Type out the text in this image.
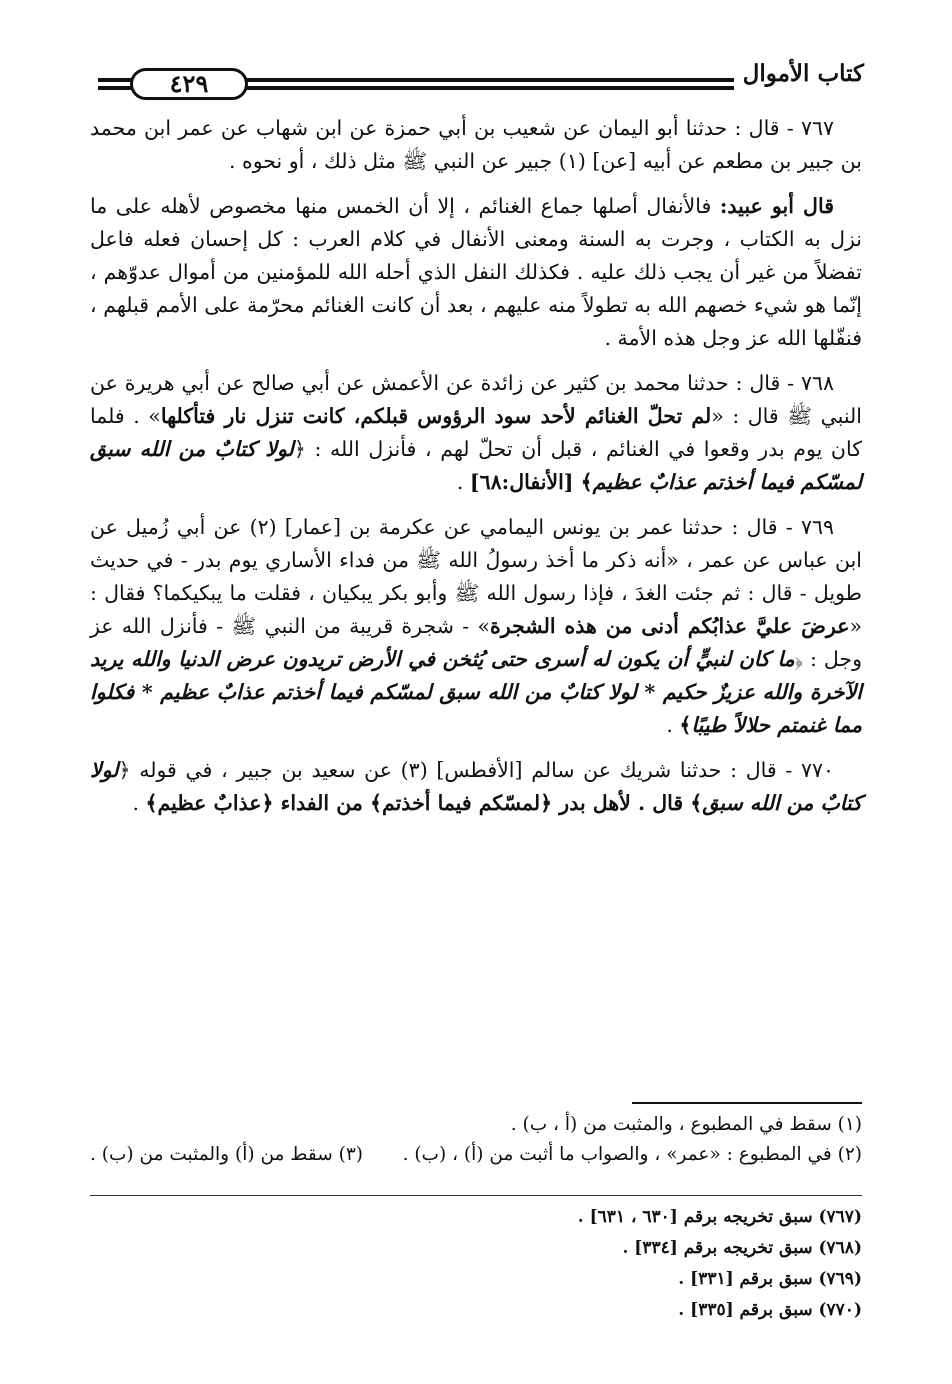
كتاب الأموال
٤٢٩

٧٦٧ - قال : حدثنا أبو اليمان عن شعيب بن أبي حمزة عن ابن شهاب عن عمر ابن محمد بن جبير بن مطعم عن أبيه [عن] (١) جبير عن النبي ﷺ مثل ذلك ، أو نحوه .

قال أبو عبيد: فالأنفال أصلها جماع الغنائم ، إلا أن الخمس منها مخصوص لأهله على ما نزل به الكتاب ، وجرت به السنة ومعنى الأنفال في كلام العرب : كل إحسان فعله فاعل تفضلاً من غير أن يجب ذلك عليه . فكذلك النفل الذي أحله الله للمؤمنين من أموال عدوّهم ، إنّما هو شيء خصهم الله به تطولاً منه عليهم ، بعد أن كانت الغنائم محرّمة على الأمم قبلهم ، فنفّلها الله عز وجل هذه الأمة .

٧٦٨ - قال : حدثنا محمد بن كثير عن زائدة عن الأعمش عن أبي صالح عن أبي هريرة عن النبي ﷺ قال : «لم تحلّ الغنائم لأحد سود الرؤوس قبلكم، كانت تنزل نار فتأكلها» . فلما كان يوم بدر وقعوا في الغنائم ، قبل أن تحلّ لهم ، فأنزل الله : ﴿لولا كتابٌ من الله سبق لمسّكم فيما أخذتم عذابٌ عظيم﴾ [الأنفال:٦٨] .

٧٦٩ - قال : حدثنا عمر بن يونس اليمامي عن عكرمة بن [عمار] (٢) عن أبي زُميل عن ابن عباس عن عمر ، «أنه ذكر ما أخذ رسولُ الله ﷺ من فداء الأساري يوم بدر - في حديث طويل - قال : ثم جئت الغدَ ، فإذا رسول الله ﷺ وأبو بكر يبكيان ، فقلت ما يبكيكما؟ فقال : «عرضَ عليَّ عذابُكم أدنى من هذه الشجرة» - شجرة قريبة من النبي ﷺ - فأنزل الله عز وجل : ﴿ما كان لنبيٍّ أن يكون له أسرى حتى يُثخن في الأرض تريدون عرض الدنيا والله يريد الآخرة والله عزيزٌ حكيم * لولا كتابٌ من الله سبق لمسّكم فيما أخذتم عذابٌ عظيم * فكلوا مما غنمتم حلالاً طيبًا﴾ .

٧٧٠ - قال : حدثنا شريك عن سالم [الأفطس] (٣) عن سعيد بن جبير ، في قوله ﴿لولا كتابٌ من الله سبق﴾ قال . لأهل بدر ﴿لمسّكم فيما أخذتم﴾ من الفداء ﴿عذابٌ عظيم﴾ .

(١) سقط في المطبوع ، والمثبت من (أ ، ب) .
(٢) في المطبوع : «عمر» ، والصواب ما أثبت من (أ) ، (ب) .
(٣) سقط من (أ) والمثبت من (ب) .
(٧٦٧) سبق تخريجه برقم [٦٣٠ ، ٦٣١] .
(٧٦٨) سبق تخريجه برقم [٣٣٤] .
(٧٦٩) سبق برقم [٣٣١] .
(٧٧٠) سبق برقم [٣٣٥] .
